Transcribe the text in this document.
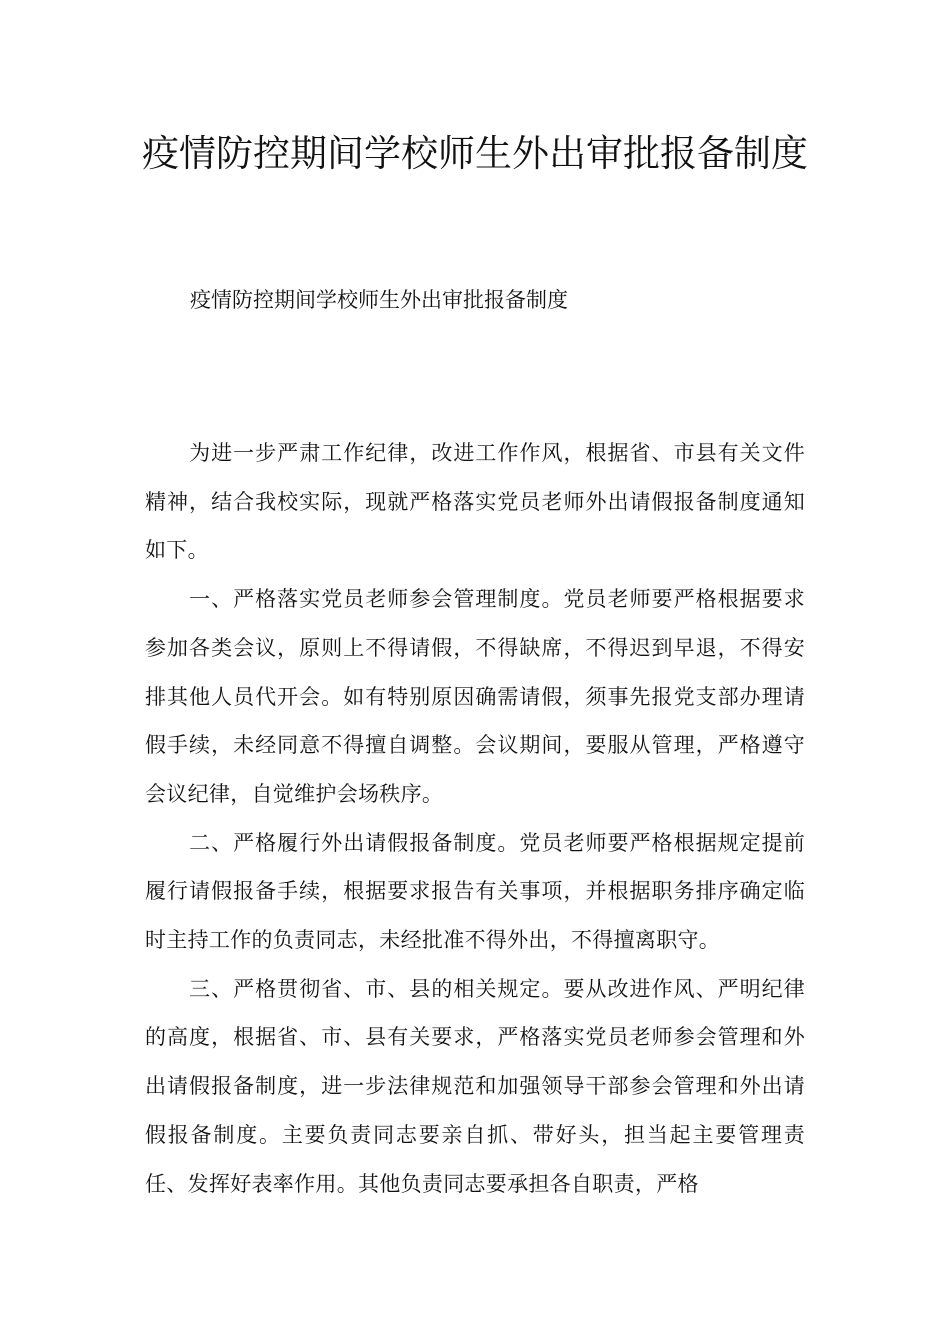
疫情防控期间学校师生外出审批报备制度
疫情防控期间学校师生外出审批报备制度

为进一步严肃工作纪律，改进工作作风，根据省、市县有关文件精神，结合我校实际，现就严格落实党员老师外出请假报备制度通知如下。

一、严格落实党员老师参会管理制度。党员老师要严格根据要求参加各类会议，原则上不得请假，不得缺席，不得迟到早退，不得安排其他人员代开会。如有特别原因确需请假，须事先报党支部办理请假手续，未经同意不得擅自调整。会议期间，要服从管理，严格遵守会议纪律，自觉维护会场秩序。

二、严格履行外出请假报备制度。党员老师要严格根据规定提前履行请假报备手续，根据要求报告有关事项，并根据职务排序确定临时主持工作的负责同志，未经批准不得外出，不得擅离职守。

三、严格贯彻省、市、县的相关规定。要从改进作风、严明纪律的高度，根据省、市、县有关要求，严格落实党员老师参会管理和外出请假报备制度，进一步法律规范和加强领导干部参会管理和外出请假报备制度。主要负责同志要亲自抓、带好头，担当起主要管理责任、发挥好表率作用。其他负责同志要承担各自职责，严格
